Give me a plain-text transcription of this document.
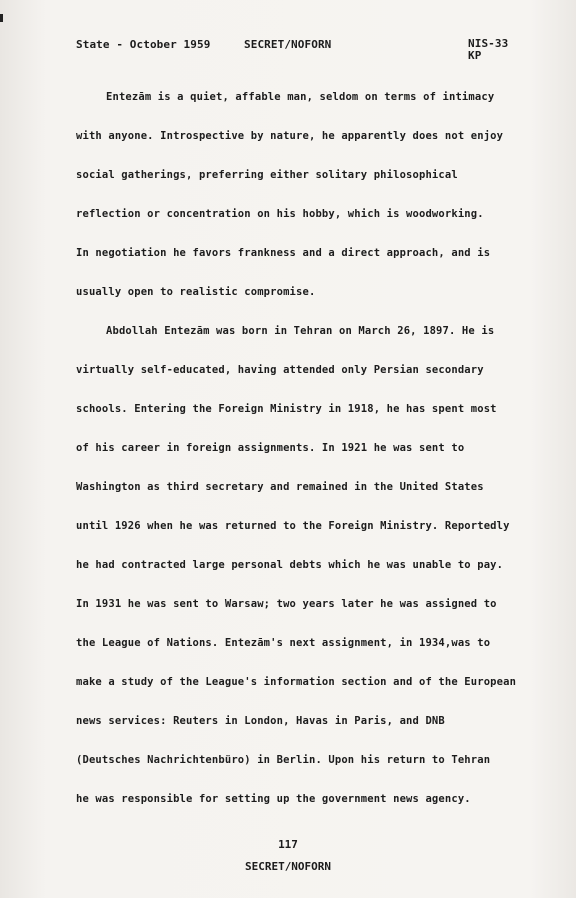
State - October 1959	SECRET/NOFORN	NIS-33
KP
Entezām is a quiet, affable man, seldom on terms of intimacy
with anyone. Introspective by nature, he apparently does not enjoy
social gatherings, preferring either solitary philosophical
reflection or concentration on his hobby, which is woodworking.
In negotiation he favors frankness and a direct approach, and is
usually open to realistic compromise.
Abdollah Entezām was born in Tehran on March 26, 1897. He is
virtually self-educated, having attended only Persian secondary
schools. Entering the Foreign Ministry in 1918, he has spent most
of his career in foreign assignments. In 1921 he was sent to
Washington as third secretary and remained in the United States
until 1926 when he was returned to the Foreign Ministry. Reportedly
he had contracted large personal debts which he was unable to pay.
In 1931 he was sent to Warsaw; two years later he was assigned to
the League of Nations. Entezām's next assignment, in 1934,was to
make a study of the League's information section and of the European
news services: Reuters in London, Havas in Paris, and DNB
(Deutsches Nachrichtenbüro) in Berlin. Upon his return to Tehran
he was responsible for setting up the government news agency.
117
SECRET/NOFORN
